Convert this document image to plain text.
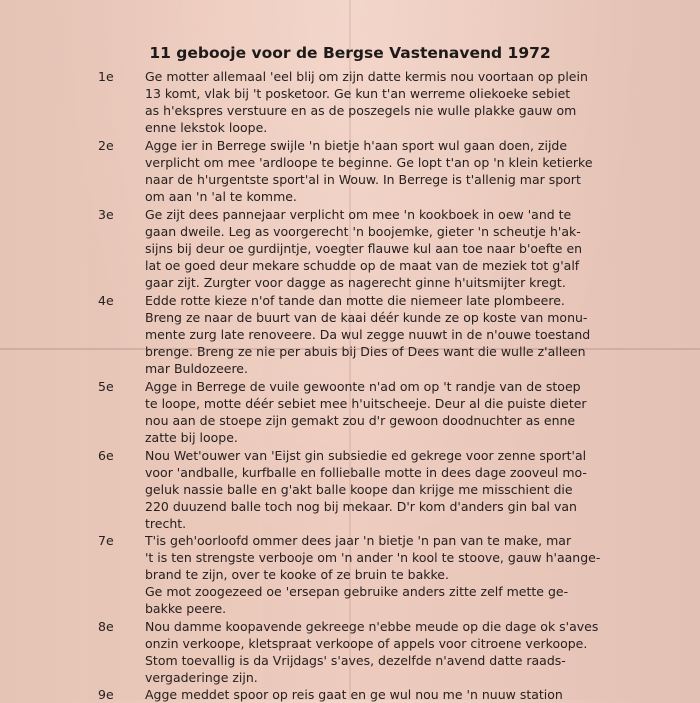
11 gebooje voor de Bergse Vastenavend 1972
1e	Ge motter allemaal 'eel blij om zijn datte kermis nou voortaan op plein
13 komt, vlak bij 't posketoor. Ge kun t'an werreme oliekoeke sebiet
as h'ekspres verstuure en as de poszegels nie wulle plakke gauw om
enne lekstok loope.
2e	Agge ier in Berrege swijle 'n bietje h'aan sport wul gaan doen, zijde
verplicht om mee 'ardloope te beginne. Ge lopt t'an op 'n klein ketierke
naar de h'urgentste sport'al in Wouw. In Berrege is t'allenig mar sport
om aan 'n 'al te komme.
3e	Ge zijt dees pannejaar verplicht om mee 'n kookboek in oew 'and te
gaan dweile. Leg as voorgerecht 'n boojemke, gieter 'n scheutje h'ak-
sijns bij deur oe gurdijntje, voegter flauwe kul aan toe naar b'oefte en
lat oe goed deur mekare schudde op de maat van de meziek tot g'alf
gaar zijt. Zurgter voor dagge as nagerecht ginne h'uitsmijter kregt.
4e	Edde rotte kieze n'of tande dan motte die niemeer late plombeere.
Breng ze naar de buurt van de kaai déér kunde ze op koste van monu-
mente zurg late renoveere. Da wul zegge nuuwt in de n'ouwe toestand
brenge. Breng ze nie per abuis bij Dies of Dees want die wulle z'alleen
mar Buldozeere.
5e	Agge in Berrege de vuile gewoonte n'ad om op 't randje van de stoep
te loope, motte déér sebiet mee h'uitscheeje. Deur al die puiste dieter
nou aan de stoepe zijn gemakt zou d'r gewoon doodnuchter as enne
zatte bij loope.
6e	Nou Wet'ouwer van 'Eijst gin subsiedie ed gekrege voor zenne sport'al
voor 'andballe, kurfballe en follieballe motte in dees dage zooveul mo-
geluk nassie balle en g'akt balle koope dan krijge me misschient die
220 duuzend balle toch nog bij mekaar. D'r kom d'anders gin bal van
trecht.
7e	T'is geh'oorloofd ommer dees jaar 'n bietje 'n pan van te make, mar
't is ten strengste verbooje om 'n ander 'n kool te stoove, gauw h'aange-
brand te zijn, over te kooke of ze bruin te bakke.
Ge mot zoogezeed oe 'ersepan gebruike anders zitte zelf mette ge-
bakke peere.
8e	Nou damme koopavende gekreege n'ebbe meude op die dage ok s'aves
onzin verkoope, kletspraat verkoope of appels voor citroene verkoope.
Stom toevallig is da Vrijdags' s'aves, dezelfde n'avend datte raads-
vergaderinge zijn.
9e	Agge meddet spoor op reis gaat en ge wul nou me 'n nuuw station
